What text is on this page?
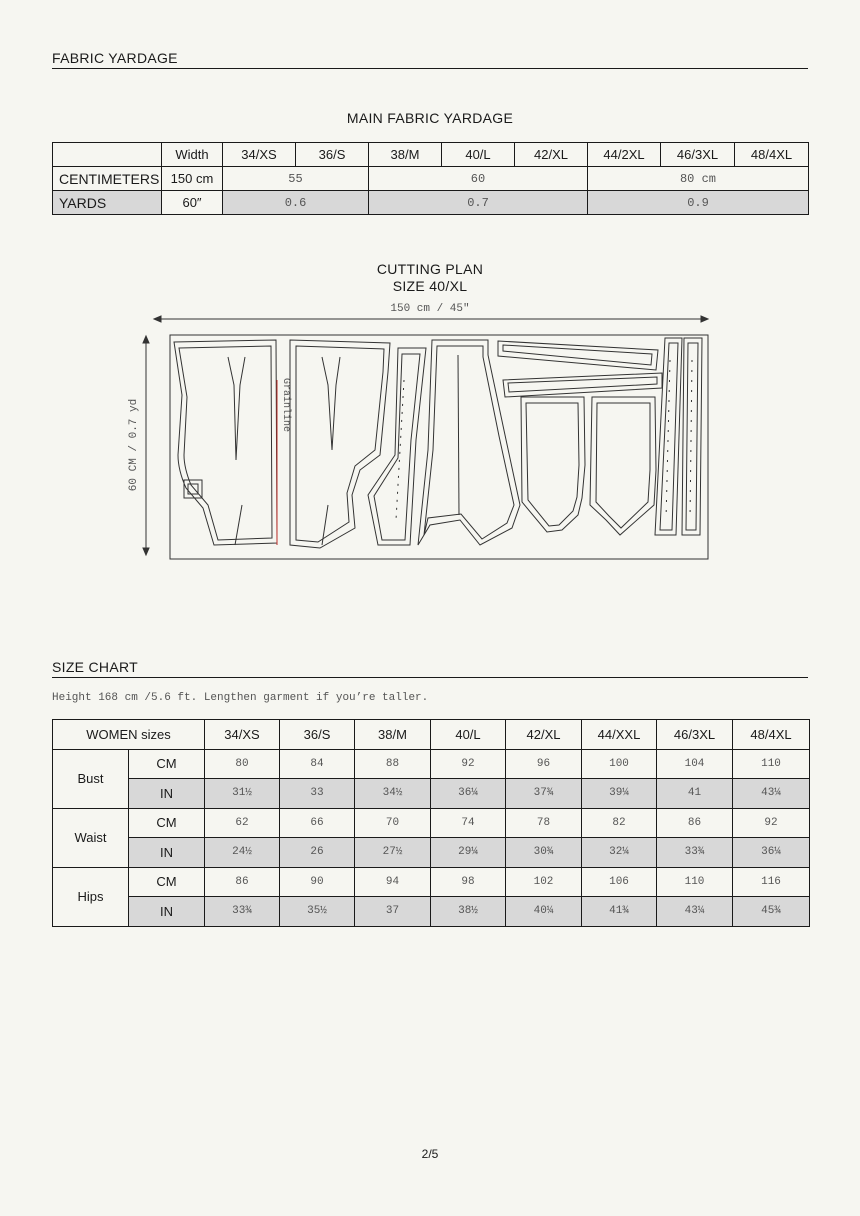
FABRIC YARDAGE
MAIN FABRIC YARDAGE
	Width	34/XS	36/S	38/M	40/L	42/XL	44/2XL	46/3XL	48/4XL
CENTIMETERS	150 cm	55		60			80 cm		
YARDS	60″	0.6		0.7			0.9		
CUTTING PLAN
SIZE 40/XL
150 cm / 45″
60 CM / 0.7 yd	Grainline
SIZE CHART
Height 168 cm /5.6 ft. Lengthen garment if you’re taller.
WOMEN sizes		34/XS	36/S	38/M	40/L	42/XL	44/XXL	46/3XL	48/4XL
Bust	CM	80	84	88	92	96	100	104	110
	IN	31½	33	34½	36¼	37¾	39¼	41	43¼
Waist	CM	62	66	70	74	78	82	86	92
	IN	24½	26	27½	29¼	30¾	32¼	33¾	36¼
Hips	CM	86	90	94	98	102	106	110	116
	IN	33¾	35½	37	38½	40¼	41¾	43¼	45¾
2/5
